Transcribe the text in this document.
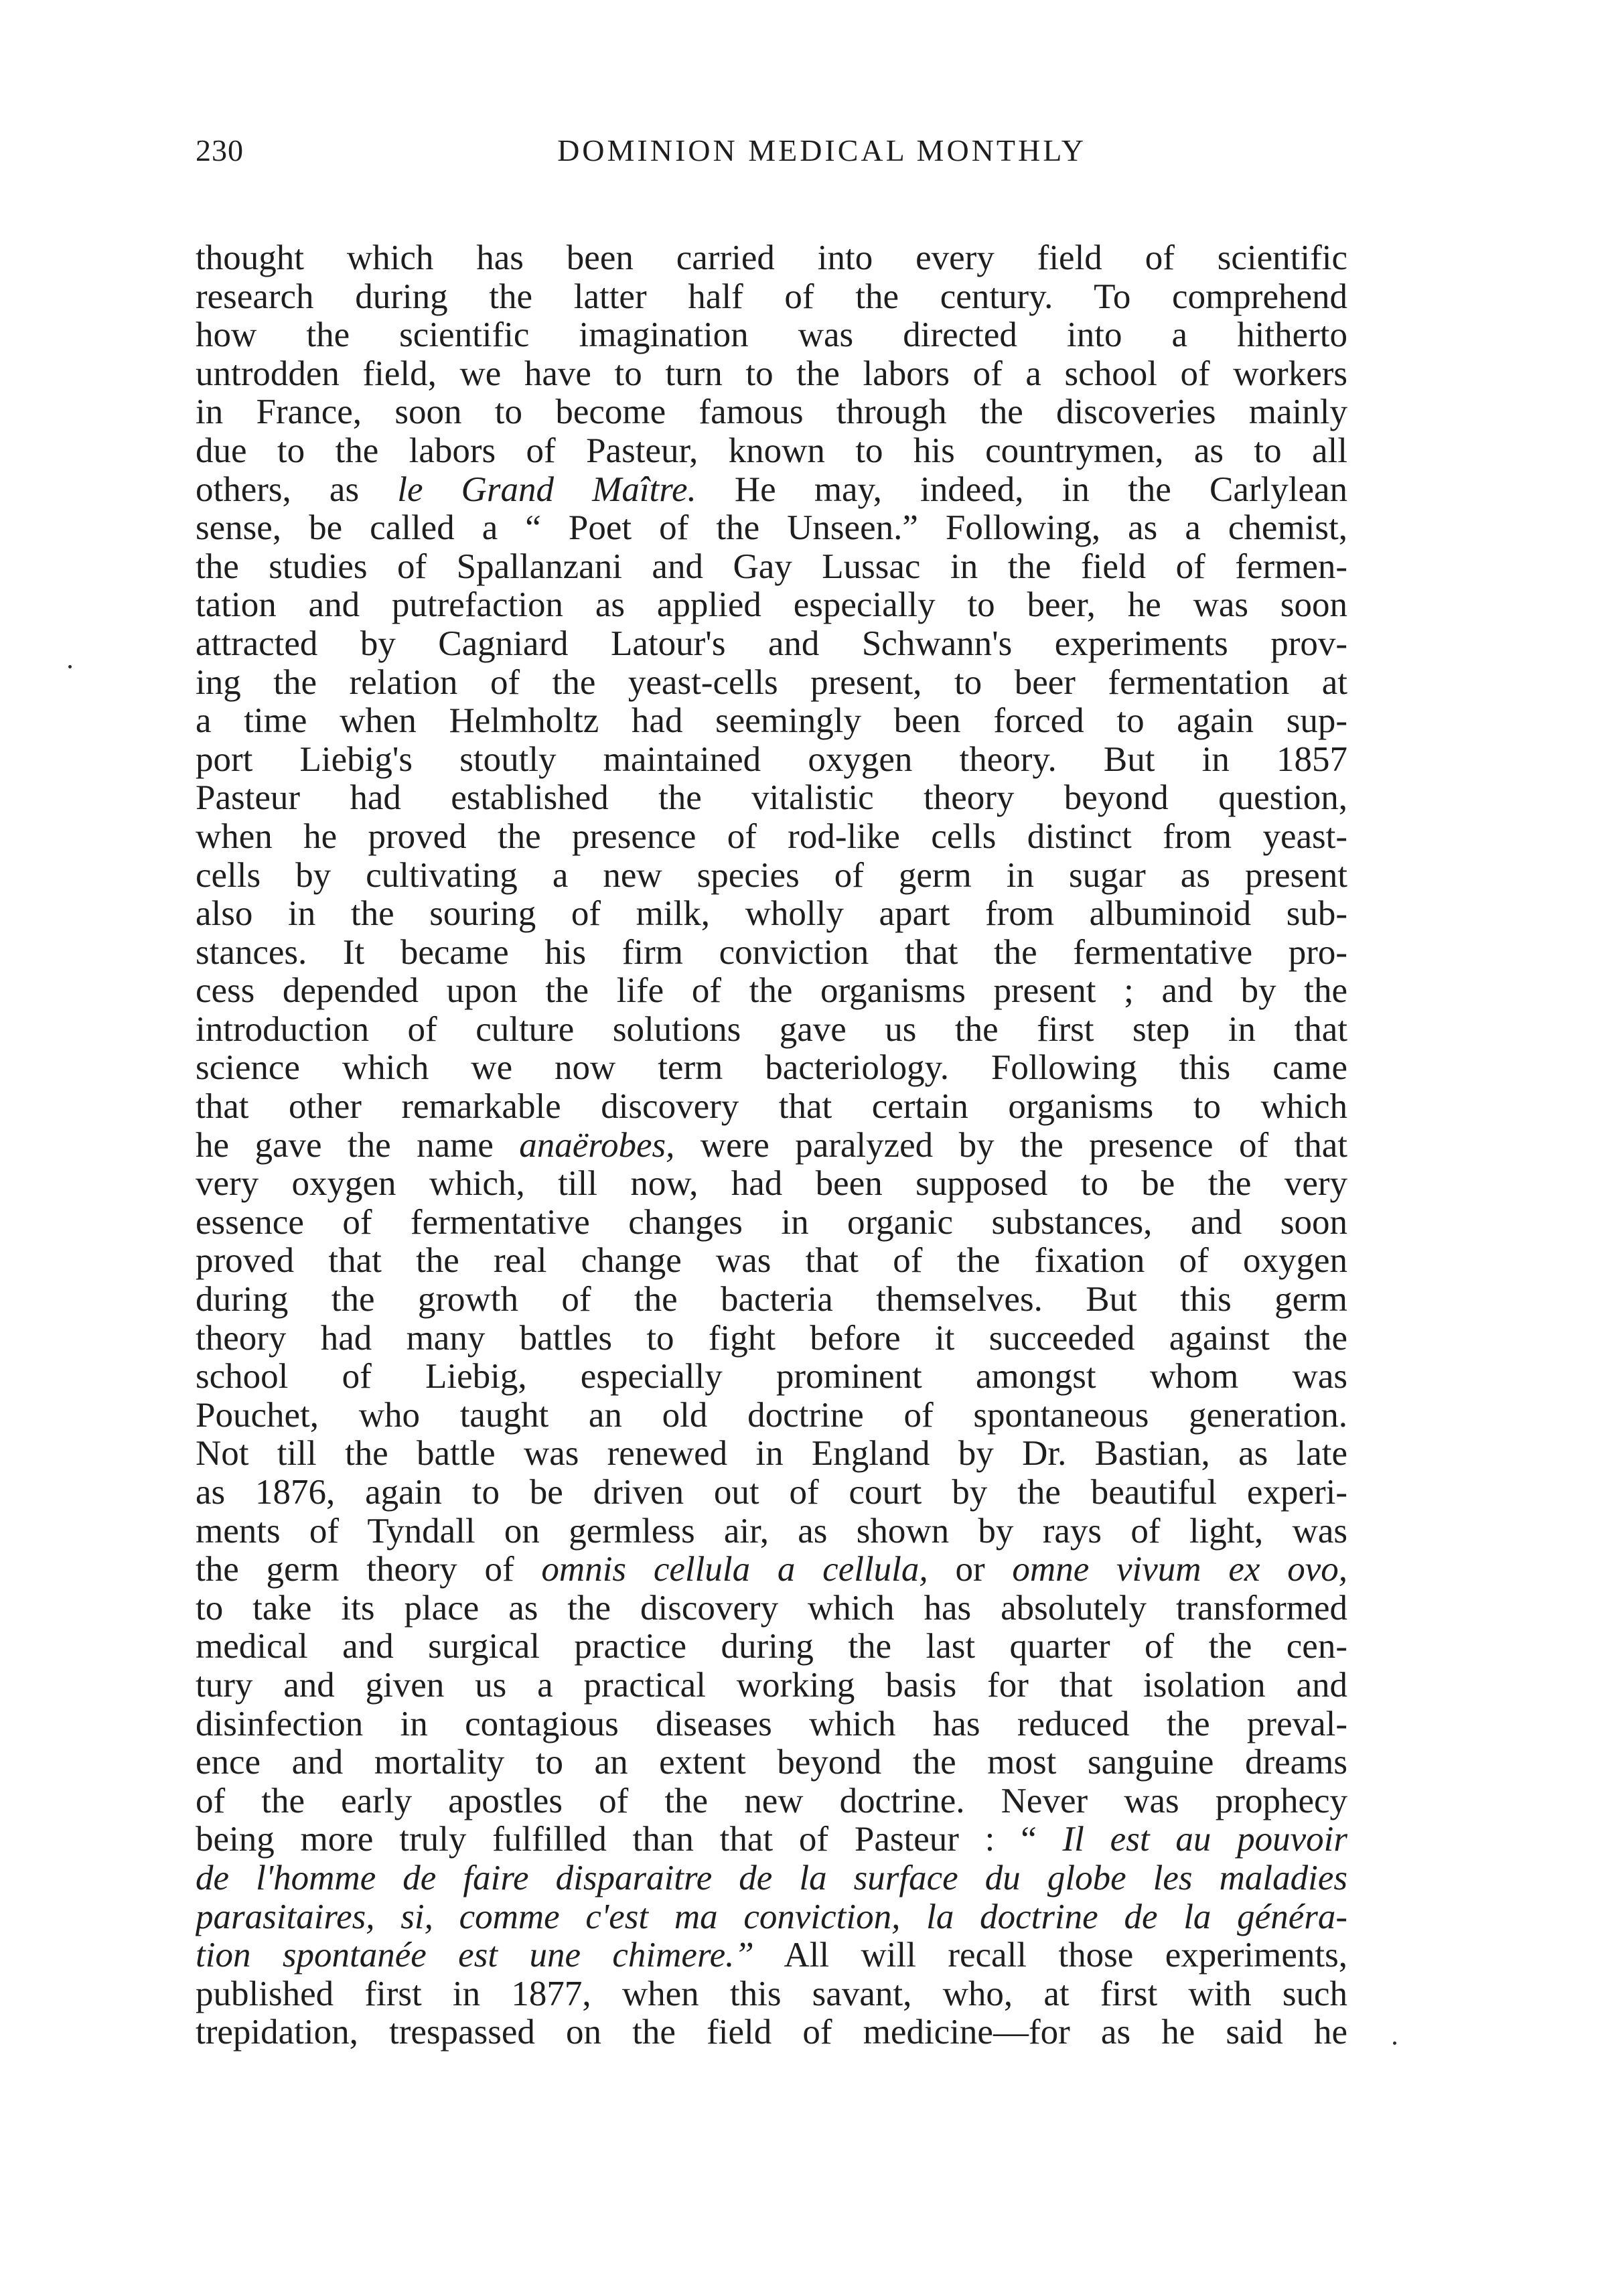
230	DOMINION MEDICAL MONTHLY
thought which has been carried into every field of scientific
research during the latter half of the century. To comprehend
how the scientific imagination was directed into a hitherto
untrodden field, we have to turn to the labors of a school of workers
in France, soon to become famous through the discoveries mainly
due to the labors of Pasteur, known to his countrymen, as to all
others, as le Grand Maître. He may, indeed, in the Carlylean
sense, be called a “ Poet of the Unseen.” Following, as a chemist,
the studies of Spallanzani and Gay Lussac in the field of fermen-
tation and putrefaction as applied especially to beer, he was soon
attracted by Cagniard Latour's and Schwann's experiments prov-
ing the relation of the yeast-cells present, to beer fermentation at
a time when Helmholtz had seemingly been forced to again sup-
port Liebig's stoutly maintained oxygen theory. But in 1857
Pasteur had established the vitalistic theory beyond question,
when he proved the presence of rod-like cells distinct from yeast-
cells by cultivating a new species of germ in sugar as present
also in the souring of milk, wholly apart from albuminoid sub-
stances. It became his firm conviction that the fermentative pro-
cess depended upon the life of the organisms present ; and by the
introduction of culture solutions gave us the first step in that
science which we now term bacteriology. Following this came
that other remarkable discovery that certain organisms to which
he gave the name anaërobes, were paralyzed by the presence of that
very oxygen which, till now, had been supposed to be the very
essence of fermentative changes in organic substances, and soon
proved that the real change was that of the fixation of oxygen
during the growth of the bacteria themselves. But this germ
theory had many battles to fight before it succeeded against the
school of Liebig, especially prominent amongst whom was
Pouchet, who taught an old doctrine of spontaneous generation.
Not till the battle was renewed in England by Dr. Bastian, as late
as 1876, again to be driven out of court by the beautiful experi-
ments of Tyndall on germless air, as shown by rays of light, was
the germ theory of omnis cellula a cellula, or omne vivum ex ovo,
to take its place as the discovery which has absolutely transformed
medical and surgical practice during the last quarter of the cen-
tury and given us a practical working basis for that isolation and
disinfection in contagious diseases which has reduced the preval-
ence and mortality to an extent beyond the most sanguine dreams
of the early apostles of the new doctrine. Never was prophecy
being more truly fulfilled than that of Pasteur : “ Il est au pouvoir
de l'homme de faire disparaitre de la surface du globe les maladies
parasitaires, si, comme c'est ma conviction, la doctrine de la généra-
tion spontanée est une chimere.” All will recall those experiments,
published first in 1877, when this savant, who, at first with such
trepidation, trespassed on the field of medicine—for as he said he
